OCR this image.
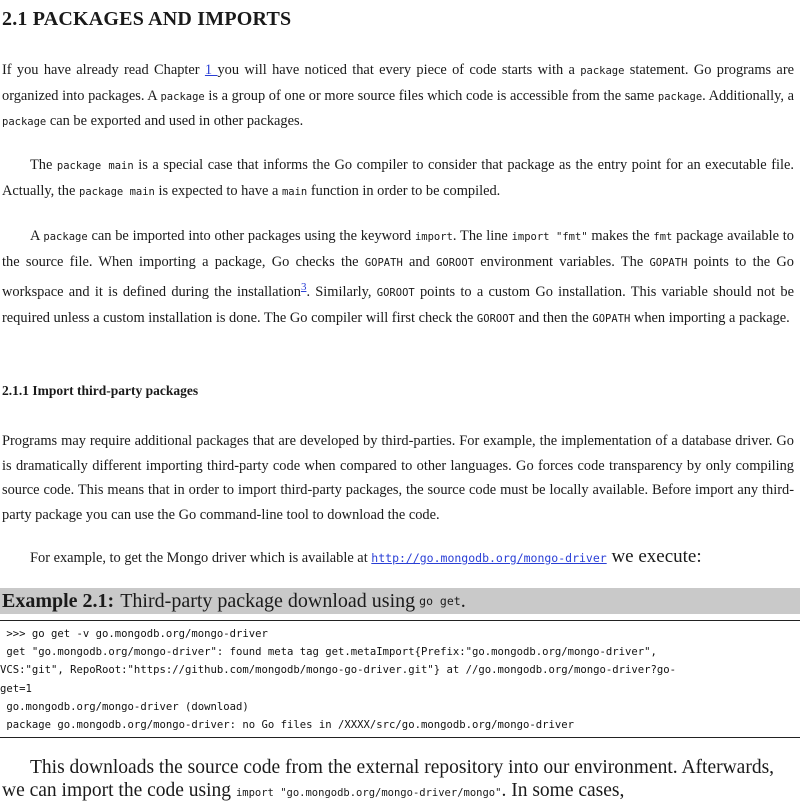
2.1 PACKAGES AND IMPORTS

If you have already read Chapter 1 you will have noticed that every piece of code starts with a package statement. Go programs are organized into packages. A package is a group of one or more source files which code is accessible from the same package. Additionally, a package can be exported and used in other packages.

The package main is a special case that informs the Go compiler to consider that package as the entry point for an executable file. Actually, the package main is expected to have a main function in order to be compiled.

A package can be imported into other packages using the keyword import. The line import "fmt" makes the fmt package available to the source file. When importing a package, Go checks the GOPATH and GOROOT environment variables. The GOPATH points to the Go workspace and it is defined during the installation$^3$. Similarly, GOROOT points to a custom Go installation. This variable should not be required unless a custom installation is done. The Go compiler will first check the GOROOT and then the GOPATH when importing a package.

2.1.1 Import third-party packages

Programs may require additional packages that are developed by third-parties. For example, the implementation of a database driver. Go is dramatically different importing third-party code when compared to other languages. Go forces code transparency by only compiling source code. This means that in order to import third-party packages, the source code must be locally available. Before import any third-party package you can use the Go command-line tool to download the code.

For example, to get the Mongo driver which is available at http://go.mongodb.org/mongo-driver we execute:

Example 2.1: Third-party package download using go get .
>>> go get -v go.mongodb.org/mongo-driver
get "go.mongodb.org/mongo-driver": found meta tag get.metaImport{Prefix:"go.mongodb.org/mongo-driver",
VCS:"git", RepoRoot:"https://github.com/mongodb/mongo-go-driver.git"} at //go.mongodb.org/mongo-driver?go-
get=1
go.mongodb.org/mongo-driver (download)
package go.mongodb.org/mongo-driver: no Go files in /XXXX/src/go.mongodb.org/mongo-driver

This downloads the source code from the external repository into our environment. Afterwards, we can import the code using import "go.mongodb.org/mongo-driver/mongo". In some cases,
